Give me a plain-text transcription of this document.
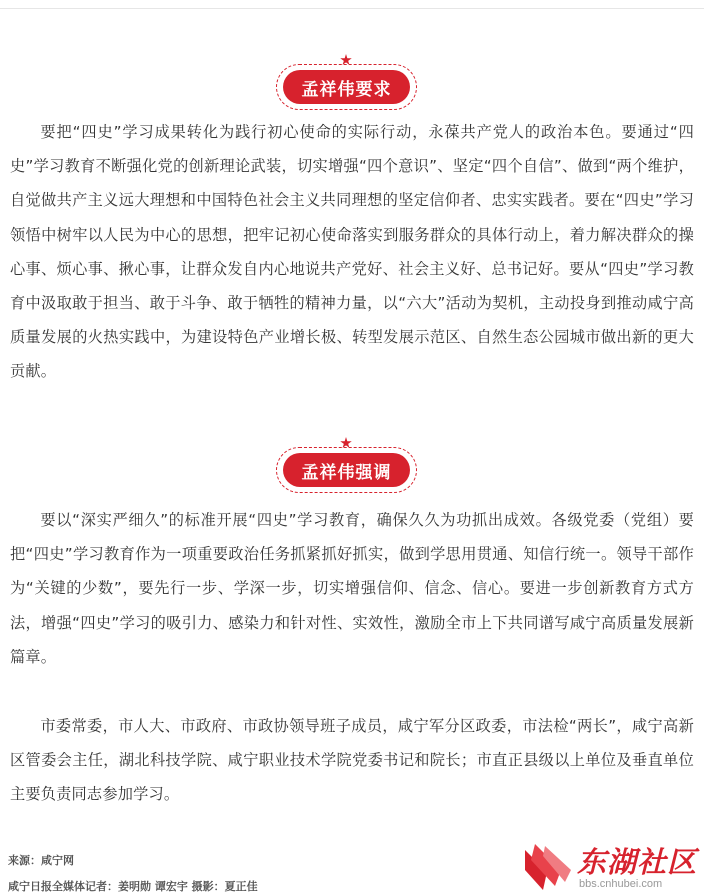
孟祥伟要求

要把“四史”学习成果转化为践行初心使命的实际行动，永葆共产党人的政治本色。要通过“四史”学习教育不断强化党的创新理论武装，切实增强“四个意识”、坚定“四个自信”、做到“两个维护，自觉做共产主义远大理想和中国特色社会主义共同理想的坚定信仰者、忠实实践者。要在“四史”学习领悟中树牢以人民为中心的思想，把牢记初心使命落实到服务群众的具体行动上，着力解决群众的操心事、烦心事、揪心事，让群众发自内心地说共产党好、社会主义好、总书记好。要从“四史”学习教育中汲取敢于担当、敢于斗争、敢于牺牲的精神力量，以“六大”活动为契机，主动投身到推动咸宁高质量发展的火热实践中，为建设特色产业增长极、转型发展示范区、自然生态公园城市做出新的更大贡献。

孟祥伟强调

要以“深实严细久”的标准开展“四史”学习教育，确保久久为功抓出成效。各级党委（党组）要把“四史”学习教育作为一项重要政治任务抓紧抓好抓实，做到学思用贯通、知信行统一。领导干部作为“关键的少数”，要先行一步、学深一步，切实增强信仰、信念、信心。要进一步创新教育方式方法，增强“四史”学习的吸引力、感染力和针对性、实效性，激励全市上下共同谱写咸宁高质量发展新篇章。

市委常委，市人大、市政府、市政协领导班子成员，咸宁军分区政委，市法检“两长”，咸宁高新区管委会主任，湖北科技学院、咸宁职业技术学院党委书记和院长；市直正县级以上单位及垂直单位主要负责同志参加学习。

来源：咸宁网
咸宁日报全媒体记者：姜明勋 谭宏宇 摄影：夏正佳
东湖社区
bbs.cnhubei.com
